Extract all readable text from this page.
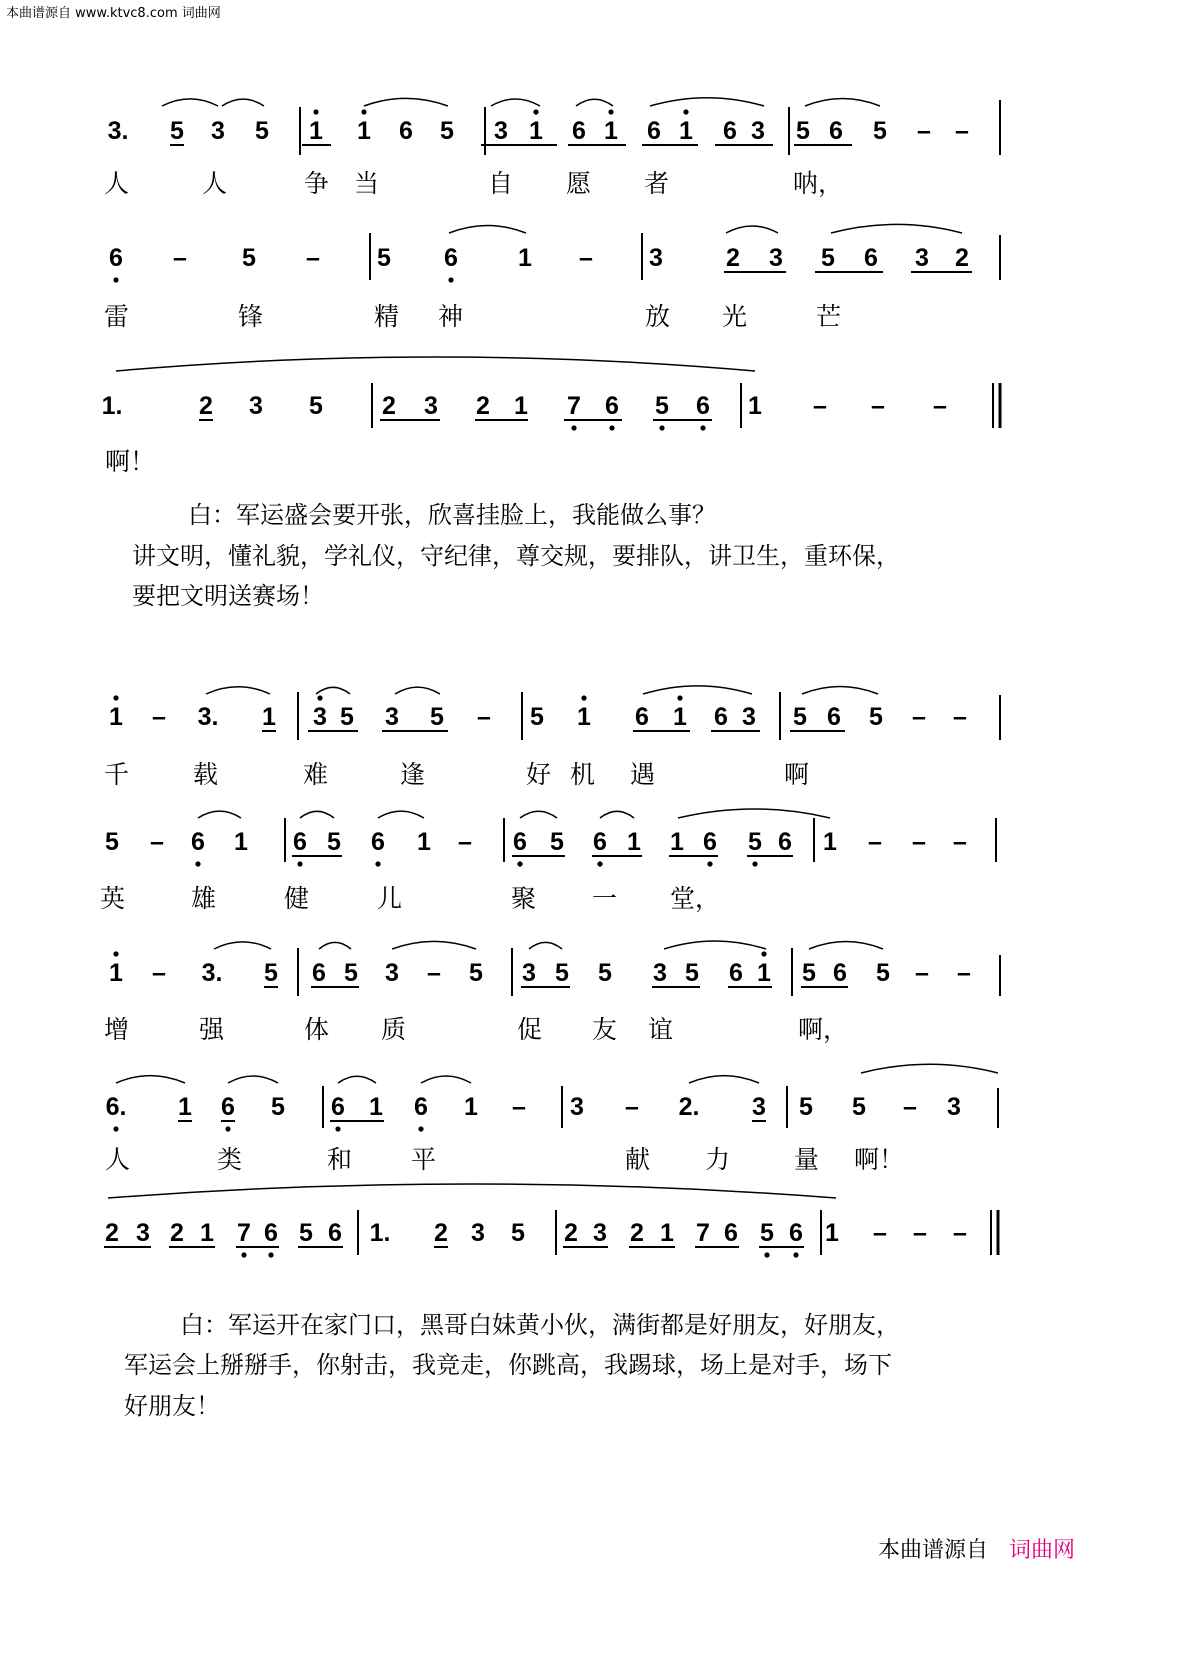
本曲谱源自 www.ktvc8.com 词曲网
3.	5	3	5	1	1	6	5	3 1	6 1	6 1	6 3	5 6	5	– –
人	人	争 当	自 愿 者	呐，
6	–	5	–	5	6	1	–	3	2	3	5	6	3	2
雷	锋	精 神	放 光	芒
1.	2	3	5	2	3	2 1	7 6	5	6	1	–	–	–
啊！
1	–	3.	1	3 5	3	5	–	5	1	6 1	6 3	5 6	5	–	–
千	载	难	逢	好 机 遇	啊
5	–	6	1	6 5	6	1	–	6 5	6 1	1 6	5 6	1	–	–	–
英	雄	健	儿	聚 一 堂，
1	–	3.	5	6 5	3	–	5	3 5	5	3 5	6 1	5 6	5	–	–
增	强	体 质	促 友 谊	啊，
6.	1	6	5	6 1	6	1	–	3	–	2.	3	5	5	–	3
人	类	和 平	献 力	量 啊！
2 3 2 1 7 6 5 6	1.	2 3	5	2 3 2 1 7 6 5 6 1	–	–	–
白：军运盛会要开张，欣喜挂脸上，我能做么事？
讲文明，懂礼貌，学礼仪，守纪律，尊交规，要排队，讲卫生，重环保，
要把文明送赛场！
白：军运开在家门口，黑哥白妹黄小伙，满街都是好朋友，好朋友，
军运会上掰掰手，你射击，我竞走，你跳高，我踢球，场上是对手，场下
好朋友！
本曲谱源自 词曲网
